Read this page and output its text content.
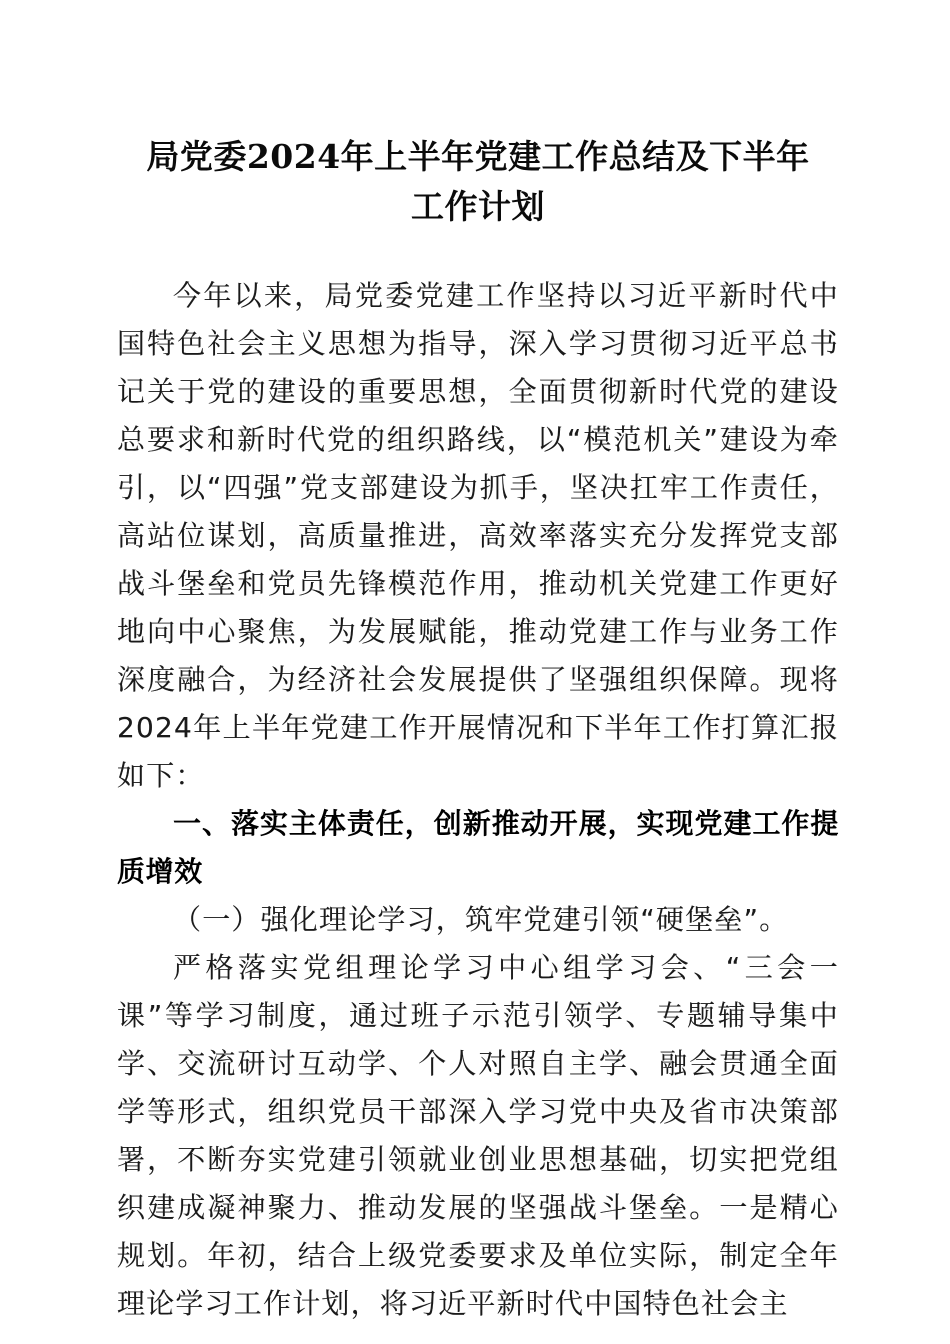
局党委2024年上半年党建工作总结及下半年
工作计划

今年以来，局党委党建工作坚持以习近平新时代中国特色社会主义思想为指导，深入学习贯彻习近平总书记关于党的建设的重要思想，全面贯彻新时代党的建设总要求和新时代党的组织路线，以“模范机关”建设为牵引，以“四强”党支部建设为抓手，坚决扛牢工作责任，高站位谋划，高质量推进，高效率落实充分发挥党支部战斗堡垒和党员先锋模范作用，推动机关党建工作更好地向中心聚焦，为发展赋能，推动党建工作与业务工作深度融合，为经济社会发展提供了坚强组织保障。现将2024年上半年党建工作开展情况和下半年工作打算汇报如下：

一、落实主体责任，创新推动开展，实现党建工作提质增效

（一）强化理论学习，筑牢党建引领“硬堡垒”。

严格落实党组理论学习中心组学习会、“三会一课”等学习制度，通过班子示范引领学、专题辅导集中学、交流研讨互动学、个人对照自主学、融会贯通全面学等形式，组织党员干部深入学习党中央及省市决策部署，不断夯实党建引领就业创业思想基础，切实把党组织建成凝神聚力、推动发展的坚强战斗堡垒。一是精心规划。年初，结合上级党委要求及单位实际，制定全年理论学习工作计划，将习近平新时代中国特色社会主
